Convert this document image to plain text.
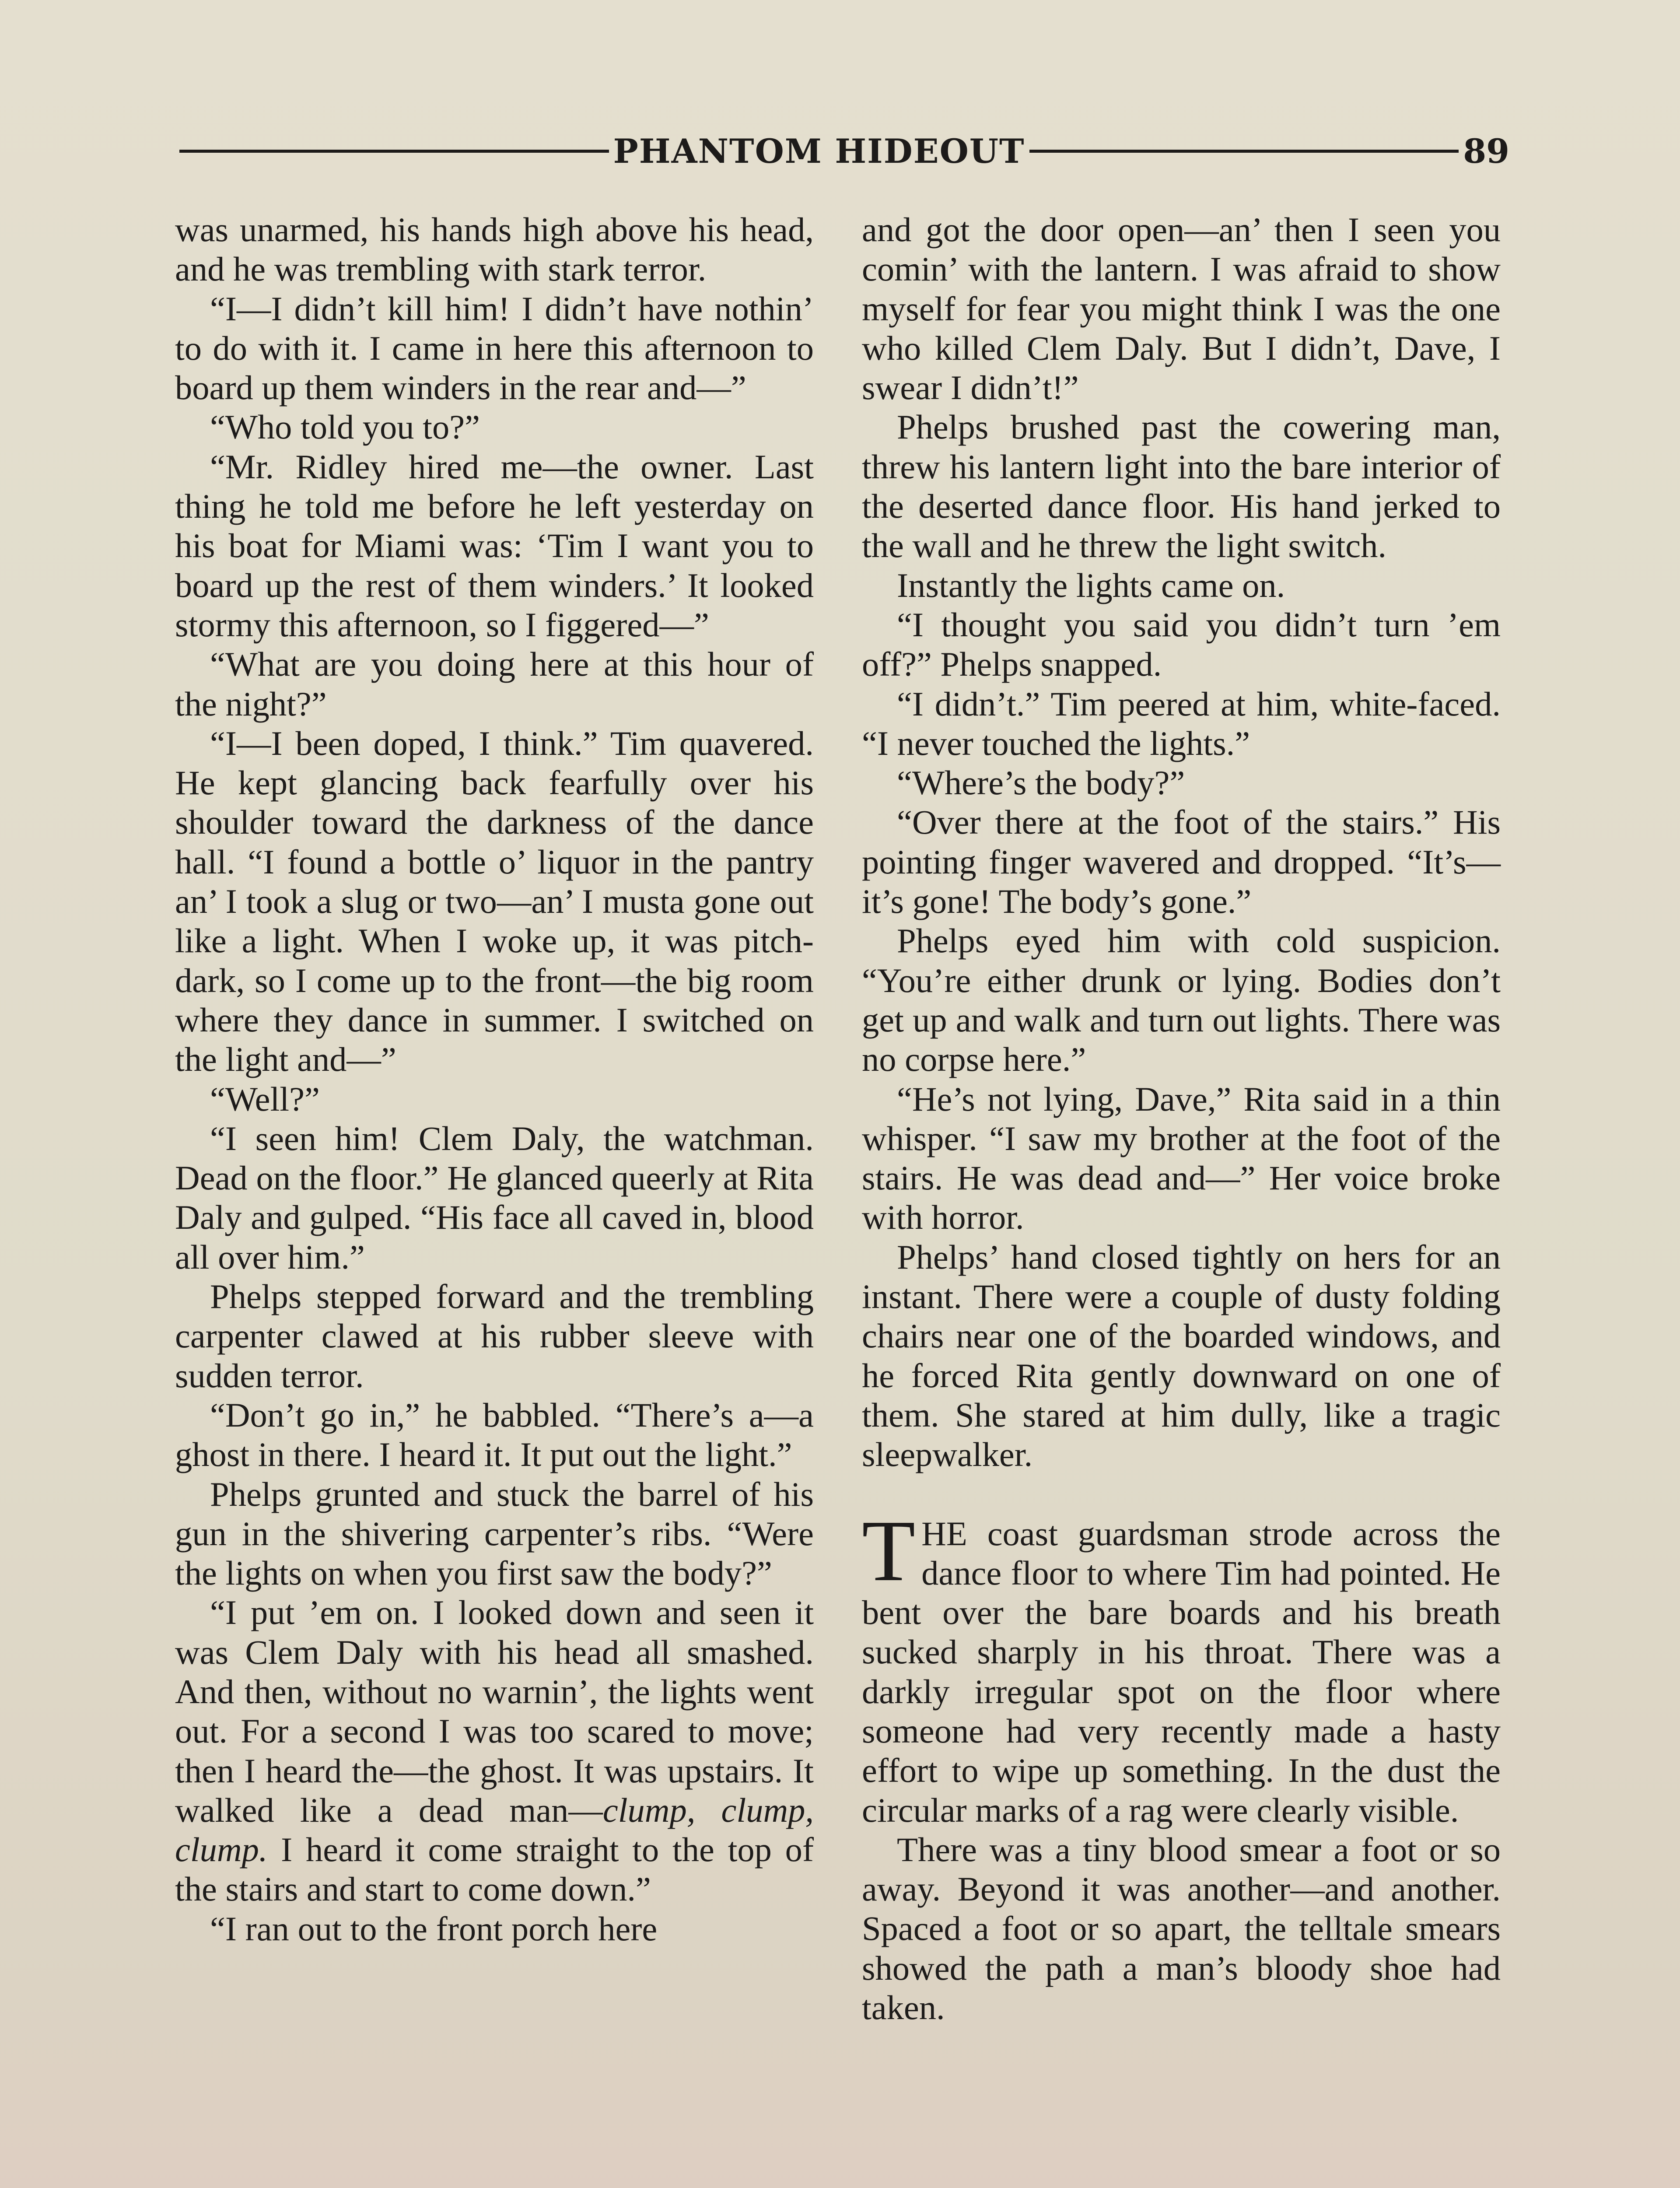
PHANTOM HIDEOUT	89

was unarmed, his hands high above his head, and he was trembling with stark terror.

“I—I didn’t kill him! I didn’t have nothin’ to do with it. I came in here this afternoon to board up them winders in the rear and—”

“Who told you to?”

“Mr. Ridley hired me—the owner. Last thing he told me before he left yesterday on his boat for Miami was: ‘Tim I want you to board up the rest of them winders.’ It looked stormy this afternoon, so I figgered—”

“What are you doing here at this hour of the night?”

“I—I been doped, I think.” Tim quavered. He kept glancing back fearfully over his shoulder toward the darkness of the dance hall. “I found a bottle o’ liquor in the pantry an’ I took a slug or two—an’ I musta gone out like a light. When I woke up, it was pitch-dark, so I come up to the front—the big room where they dance in summer. I switched on the light and—”

“Well?”

“I seen him! Clem Daly, the watchman. Dead on the floor.” He glanced queerly at Rita Daly and gulped. “His face all caved in, blood all over him.”

Phelps stepped forward and the trembling carpenter clawed at his rubber sleeve with sudden terror.

“Don’t go in,” he babbled. “There’s a—a ghost in there. I heard it. It put out the light.”

Phelps grunted and stuck the barrel of his gun in the shivering carpenter’s ribs. “Were the lights on when you first saw the body?”

“I put ’em on. I looked down and seen it was Clem Daly with his head all smashed. And then, without no warnin’, the lights went out. For a second I was too scared to move; then I heard the—the ghost. It was upstairs. It walked like a dead man—clump, clump, clump. I heard it come straight to the top of the stairs and start to come down.”

“I ran out to the front porch here

and got the door open—an’ then I seen you comin’ with the lantern. I was afraid to show myself for fear you might think I was the one who killed Clem Daly. But I didn’t, Dave, I swear I didn’t!”

Phelps brushed past the cowering man, threw his lantern light into the bare interior of the deserted dance floor. His hand jerked to the wall and he threw the light switch.

Instantly the lights came on.

“I thought you said you didn’t turn ’em off?” Phelps snapped.

“I didn’t.” Tim peered at him, white-faced. “I never touched the lights.”

“Where’s the body?”

“Over there at the foot of the stairs.” His pointing finger wavered and dropped. “It’s—it’s gone! The body’s gone.”

Phelps eyed him with cold suspicion. “You’re either drunk or lying. Bodies don’t get up and walk and turn out lights. There was no corpse here.”

“He’s not lying, Dave,” Rita said in a thin whisper. “I saw my brother at the foot of the stairs. He was dead and—” Her voice broke with horror.

Phelps’ hand closed tightly on hers for an instant. There were a couple of dusty folding chairs near one of the boarded windows, and he forced Rita gently downward on one of them. She stared at him dully, like a tragic sleepwalker.

THE coast guardsman strode across the dance floor to where Tim had pointed. He bent over the bare boards and his breath sucked sharply in his throat. There was a darkly irregular spot on the floor where someone had very recently made a hasty effort to wipe up something. In the dust the circular marks of a rag were clearly visible.

There was a tiny blood smear a foot or so away. Beyond it was another—and another. Spaced a foot or so apart, the telltale smears showed the path a man’s bloody shoe had taken.
